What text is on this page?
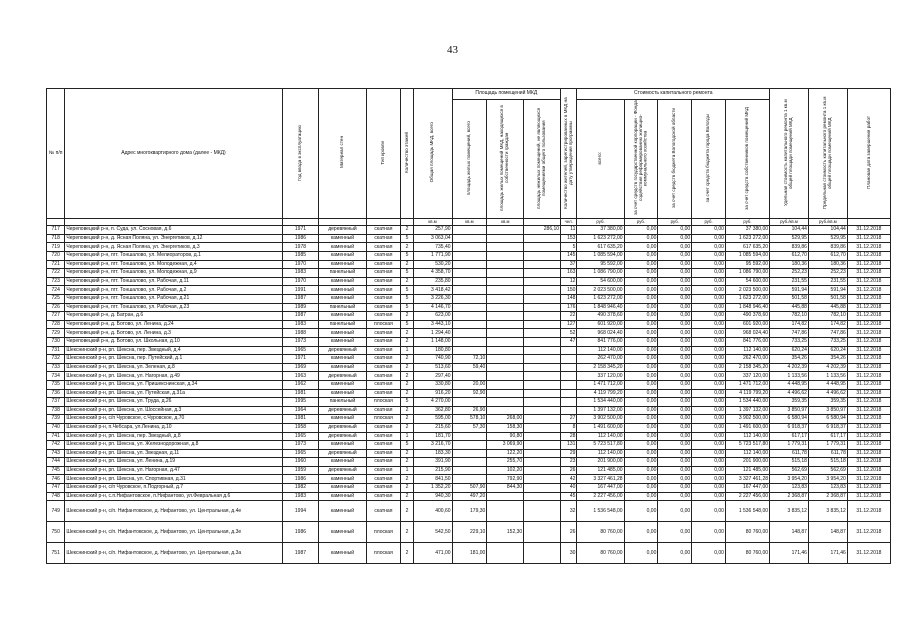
43
№ п/п	Адрес многоквартирного дома (далее - МКД)	Год ввода в эксплуатацию	Материал стен	Тип кровли	Количество этажей	Общая площадь МКД, всего	Площадь помещений МКД			Количество жителей, зарегистрированных в МКД на дату утверждения программы	Стоимость капитального ремонта					Удельная стоимость капитального ремонта 1 кв.м общей площади помещений МКД	Предельная стоимость капитального ремонта 1 кв.м общей площади помещений МКД	Плановая дата завершения работ
							площадь жилых помещений, всего	площадь жилых помещений МКД, находящихся в собственности граждан	площадь нежилых помещений, не являющихся помещениями общего пользования		всего:	за счет средств государственной корпорации - Фонда содействия реформированию жилищно-коммунального хозяйства	за счет средств бюджета Вологодской области	за счет средств бюджета города Вологды	за счет средств собственников помещений МКД			
						кв.м	кв.м	кв.м		чел.	руб.	руб.	руб.	руб.	руб.	руб./кв.м	руб./кв.м	
717	Череповецкий р-н, п. Суда, ул. Сосновая, д.6	1971	деревянный	скатная	2	257,90			286,10	11	37 380,00	0,00	0,00	0,00	37 380,00	104,44	104,44	31.12.2018
718	Череповецкий р-н, д. Ясная Поляна, ул. Энергетиков, д.12	1986	каменный	скатная	5	3 063,04				153	1 623 272,00	0,00	0,00	0,00	1 623 272,00	529,95	529,95	31.12.2018
719	Череповецкий р-н, д. Ясная Поляна, ул. Энергетиков, д.3	1978	каменный	скатная	2	735,40				5	617 635,20	0,00	0,00	0,00	617 635,20	839,86	839,86	31.12.2018
720	Череповецкий р-н, пгт. Тоншалово, ул. Мелиораторов, д.1	1985	каменный	скатная	5	1 771,90				145	1 085 594,00	0,00	0,00	0,00	1 085 594,00	612,70	612,70	31.12.2018
721	Череповецкий р-н, пгт. Тоншалово, ул. Молодежная, д.4	1970	каменный	скатная	2	530,20				37	95 592,00	0,00	0,00	0,00	95 592,00	180,36	180,36	31.12.2018
722	Череповецкий р-н, пгт. Тоншалово, ул. Молодежная, д.9	1983	панельный	скатная	5	4 358,70				163	1 086 790,00	0,00	0,00	0,00	1 086 790,00	252,23	252,23	31.12.2018
723	Череповецкий р-н, пгт. Тоншалово, ул. Рабочая, д.11	1970	каменный	скатная	2	235,80				12	54 600,00	0,00	0,00	0,00	54 600,00	231,55	231,55	31.12.2018
724	Череповецкий р-н, пгт. Тоншалово, ул. Рабочая, д.2	1991	каменный	скатная	5	3 418,42				150	2 023 500,00	0,00	0,00	0,00	2 023 500,00	591,94	591,94	31.12.2018
725	Череповецкий р-н, пгт. Тоншалово, ул. Рабочая, д.21	1987	каменный	скатная	5	3 226,30				148	1 623 272,00	0,00	0,00	0,00	1 623 272,00	501,58	501,58	31.12.2018
726	Череповецкий р-н, пгт. Тоншалово, ул. Рабочая, д.23	1989	панельный	скатная	5	4 146,70				176	1 848 946,40	0,00	0,00	0,00	1 848 946,40	445,88	445,88	31.12.2018
727	Череповецкий р-н, д. Батран, д.6	1987	каменный	скатная	2	623,00				22	490 378,60	0,00	0,00	0,00	490 378,60	782,10	782,10	31.12.2018
728	Череповецкий р-н, д. Ботово, ул. Ленина, д.24	1983	панельный	плоская	5	3 443,10				127	601 920,00	0,00	0,00	0,00	601 920,00	174,82	174,82	31.12.2018
729	Череповецкий р-н, д. Ботово, ул. Ленина, д.3	1988	каменный	скатная	2	1 294,40				52	968 024,40	0,00	0,00	0,00	968 024,40	747,86	747,86	31.12.2018
730	Череповецкий р-н, д. Ботово, ул. Школьная, д.10	1973	каменный	скатная	2	1 148,00				47	841 776,00	0,00	0,00	0,00	841 776,00	733,25	733,25	31.12.2018
731	Шекснинский р-н, рп. Шексна, пер. Звездный, д.4	1965	деревянный	скатная	1	180,80					112 140,00	0,00	0,00	0,00	112 140,00	620,24	620,24	31.12.2018
732	Шекснинский р-н, рп. Шексна, пер. Путейский, д.1	1971	каменный	скатная	2	740,90	72,10				262 470,00	0,00	0,00	0,00	262 470,00	354,26	354,26	31.12.2018
733	Шекснинский р-н, рп. Шексна, ул. Зеленая, д.8	1969	каменный	скатная	2	513,60	59,40				2 158 345,20	0,00	0,00	0,00	2 158 345,20	4 202,39	4 202,39	31.12.2018
734	Шекснинский р-н, рп. Шексна, ул. Нагорная, д.49	1963	деревянный	скатная	2	297,40					337 120,00	0,00	0,00	0,00	337 120,00	1 133,56	1 133,56	31.12.2018
735	Шекснинский р-н, рп. Шексна, ул. Пришекснинская, д.34	1962	каменный	скатная	2	330,80	20,00				1 471 712,00	0,00	0,00	0,00	1 471 712,00	4 448,95	4 448,95	31.12.2018
736	Шекснинский р-н, рп. Шексна, ул. Путейская, д.31а	1981	каменный	скатная	2	916,20	92,90				4 119 799,20	0,00	0,00	0,00	4 119 799,20	4 496,62	4 496,62	31.12.2018
737	Шекснинский р-н, рп. Шексна, ул. Труда, д.26	1995	панельный	плоская	5	4 270,00					1 534 440,00	0,00	0,00	0,00	1 534 440,00	359,35	359,35	31.12.2018
738	Шекснинский р-н, рп. Шексна, ул. Шоссейная, д.3	1964	деревянный	скатная	2	362,80	26,90				1 397 132,00	0,00	0,00	0,00	1 397 132,00	3 850,97	3 850,97	31.12.2018
739	Шекснинский р-н, с/п Чуровское, с.Чуровское, д.70	1981	каменный	плоская	2	595,00	578,10	268,00		27	3 902 500,00	0,00	0,00	0,00	3 902 500,00	6 580,94	6 580,94	31.12.2018
740	Шекснинский р-н, п.Чебсара, ул.Ленина, д.10	1958	деревянный	скатная	2	215,60	57,30	158,30		8	1 491 600,00	0,00	0,00	0,00	1 491 600,00	6 918,37	6 918,37	31.12.2018
741	Шекснинский р-н, рп. Шексна, пер. Звездный, д.8	1965	деревянный	скатная	1	181,70		90,80		28	112 140,00	0,00	0,00	0,00	112 140,00	617,17	617,17	31.12.2018
742	Шекснинский р-н, рп. Шексна, ул. Железнодорожная, д.8	1973	каменный	скатная	5	3 216,70		3 069,90		131	5 723 517,80	0,00	0,00	0,00	5 723 517,80	1 779,31	1 779,31	31.12.2018
743	Шекснинский р-н, рп. Шексна, ул. Звездная, д.11	1965	деревянный	скатная	2	183,30		122,20		29	112 140,00	0,00	0,00	0,00	112 140,00	611,78	611,78	31.12.2018
744	Шекснинский р-н, рп. Шексна, ул. Ленина, д.19	1960	каменный	скатная	2	391,90		255,70		23	201 900,00	0,00	0,00	0,00	201 900,00	515,18	515,18	31.12.2018
745	Шекснинский р-н, рп. Шексна, ул. Нагорная, д.47	1959	деревянный	скатная	1	215,90		102,20		26	121 485,00	0,00	0,00	0,00	121 485,00	562,69	562,69	31.12.2018
746	Шекснинский р-н, рп. Шексна, ул. Спортивная, д.31	1986	каменный	скатная	2	841,50		792,90		42	3 327 461,28	0,00	0,00	0,00	3 327 461,28	3 954,20	3 954,20	31.12.2018
747	Шекснинский р-н, с/п Чуровское, п.Подгорный, д.7	1982	каменный	скатная	2	1 352,20	507,90	844,30		40	167 447,00	0,00	0,00	0,00	167 447,00	123,83	123,83	31.12.2018
748	Шекснинский р-н, с.п.Нифантовское, п.Нифантово, ул.Февральная д.6	1983	каменный	скатная	2	940,30	497,20			45	2 227 456,00	0,00	0,00	0,00	2 227 456,00	2 368,87	2 368,87	31.12.2018
749	Шекснинский р-н, с/п. Нифантовское, д. Нифантово, ул. Центральная, д.4е	1994	каменный	скатная	2	400,60	179,30			32	1 536 548,00	0,00	0,00	0,00	1 536 548,00	3 835,12	3 835,12	31.12.2018
750	Шекснинский р-н, с/п. Нифантовское, д. Нифантово, ул. Центральная, д.3е	1986	каменный	плоская	2	542,50	229,10	152,30		26	80 760,00	0,00	0,00	0,00	80 760,00	148,87	148,87	31.12.2018
751	Шекснинский р-н, с/п. Нифантовское, д. Нифантово, ул. Центральная, д.3а	1987	каменный	плоская	2	471,00	181,00			30	80 760,00	0,00	0,00	0,00	80 760,00	171,46	171,46	31.12.2018
